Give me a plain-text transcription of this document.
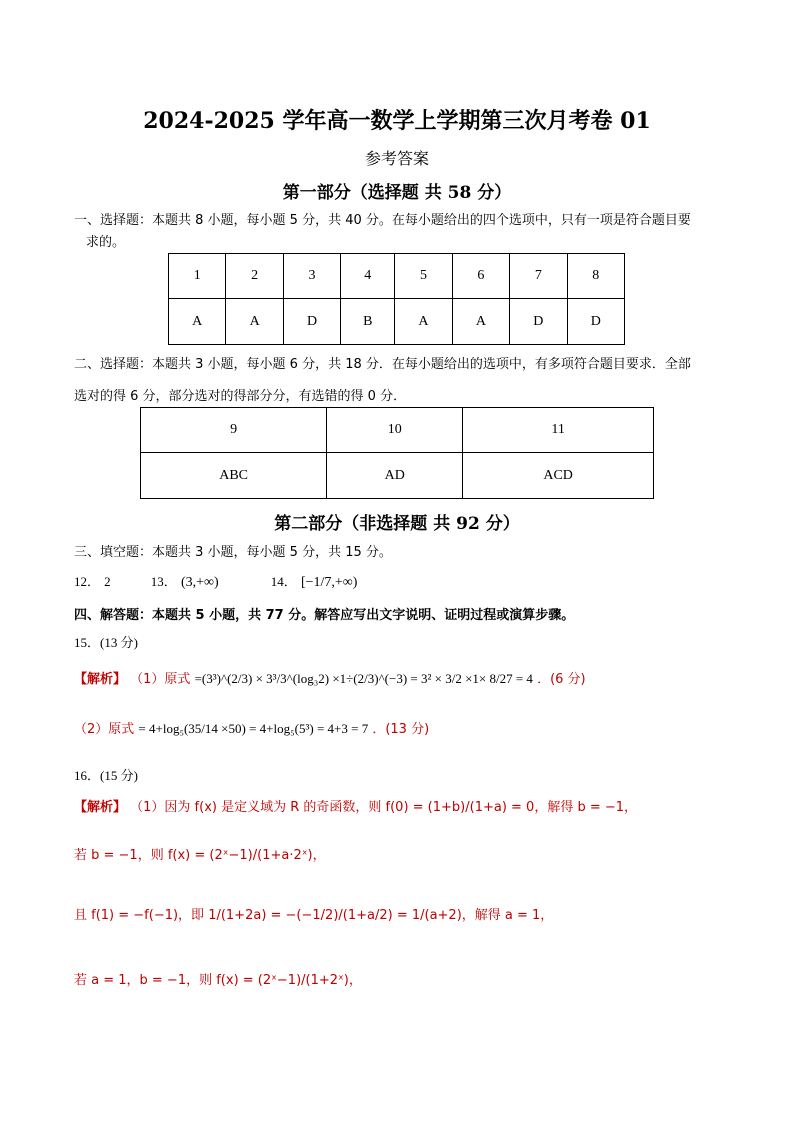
2024-2025 学年高一数学上学期第三次月考卷 01
参考答案
第一部分（选择题 共 58 分）
一、选择题：本题共 8 小题，每小题 5 分，共 40 分。在每小题给出的四个选项中，只有一项是符合题目要
求的。
1	2	3	4	5	6	7	8
A	A	D	B	A	A	D	D
二、选择题：本题共 3 小题，每小题 6 分，共 18 分．在每小题给出的选项中，有多项符合题目要求．全部
选对的得 6 分，部分选对的得部分分，有选错的得 0 分．
9	10	11
ABC	AD	ACD
第二部分（非选择题 共 92 分）
三、填空题：本题共 3 小题，每小题 5 分，共 15 分。
12． 2	13． (3,+∞)	14． [−1/7,+∞)
四、解答题：本题共 5 小题，共 77 分。解答应写出文字说明、证明过程或演算步骤。
15．(13 分)
【解析】 （1）原式 =(3³)^(2/3) × 3³/3^(log₃2) ×1÷(2/3)^(−3) = 3² × 3/2 ×1× 8/27 = 4 ．(6 分)
（2）原式 = 4+log₅(35/14 ×50) = 4+log₅(5³) = 4+3 = 7 ．(13 分)
16．(15 分)
【解析】 （1）因为 f(x) 是定义域为 R 的奇函数，则 f(0) = (1+b)/(1+a) = 0，解得 b = −1，
若 b = −1，则 f(x) = (2ˣ−1)/(1+a·2ˣ)，
且 f(1) = −f(−1)，即 1/(1+2a) = −(−1/2)/(1+a/2) = 1/(a+2)，解得 a = 1，
若 a = 1，b = −1，则 f(x) = (2ˣ−1)/(1+2ˣ)，
